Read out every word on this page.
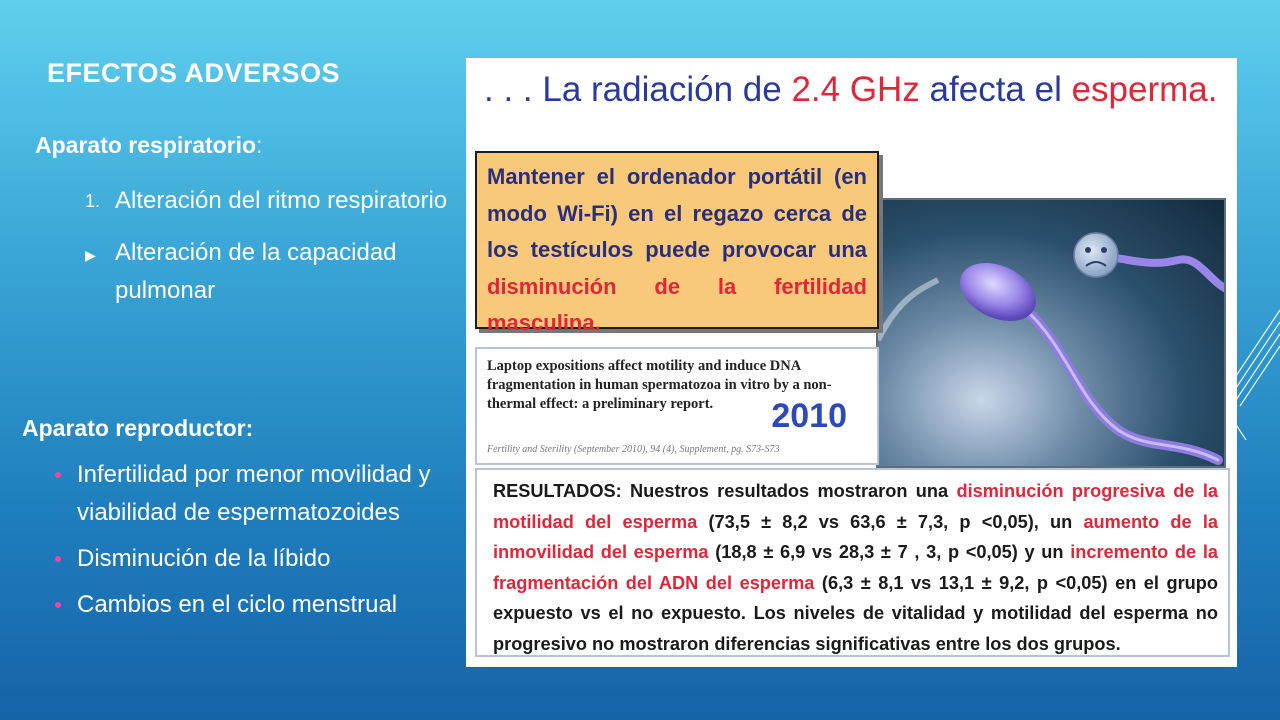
EFECTOS ADVERSOS
Aparato respiratorio:
1. Alteración del ritmo respiratorio
▶ Alteración de la capacidad pulmonar
Aparato reproductor:
Infertilidad por menor movilidad y viabilidad de espermatozoides
Disminución de la líbido
Cambios en el ciclo menstrual
. . . La radiación de 2.4 GHz afecta el esperma.
Mantener el ordenador portátil (en modo Wi-Fi) en el regazo cerca de los testículos puede provocar una disminución de la fertilidad masculina.
Laptop expositions affect motility and induce DNA fragmentation in human spermatozoa in vitro by a non-thermal effect: a preliminary report.	2010
Fertility and Sterility (September 2010), 94 (4), Supplement, pg. S73-S73
RESULTADOS: Nuestros resultados mostraron una disminución progresiva de la motilidad del esperma (73,5 ± 8,2 vs 63,6 ± 7,3, p <0,05), un aumento de la inmovilidad del esperma (18,8 ± 6,9 vs 28,3 ± 7 , 3, p <0,05) y un incremento de la fragmentación del ADN del esperma (6,3 ± 8,1 vs 13,1 ± 9,2, p <0,05) en el grupo expuesto vs el no expuesto. Los niveles de vitalidad y motilidad del esperma no progresivo no mostraron diferencias significativas entre los dos grupos.
